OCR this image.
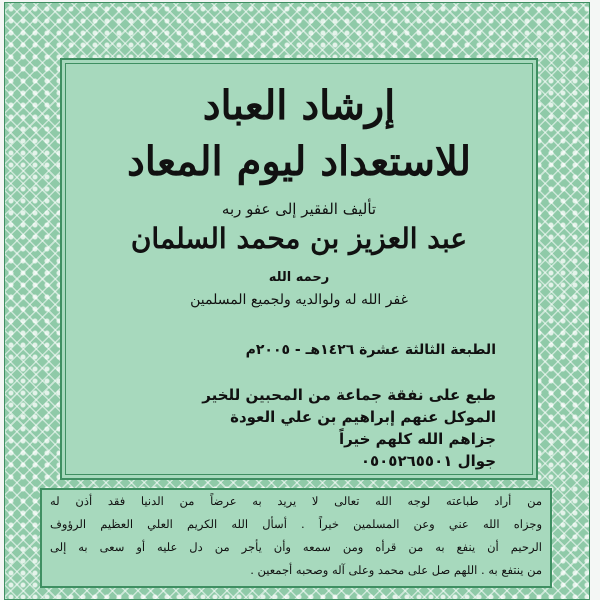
إرشاد العباد
للاستعداد ليوم المعاد
تأليف الفقير إلى عفو ربه
عبد العزيز بن محمد السلمان
رحمه الله
غفر الله له ولوالديه ولجميع المسلمين
الطبعة الثالثة عشرة ١٤٢٦هـ - ٢٠٠٥م
طبع على نفقة جماعة من المحبين للخير
الموكل عنهم إبراهيم بن علي العودة
جزاهم الله كلهم خيراً
جوال ٠٥٠٥٢٦٥٥٠١
من أراد طباعته لوجه الله تعالى لا يريد به عرضاً من الدنيا فقد أذن له
وجزاه الله عني وعن المسلمين خيراً . أسأل الله الكريم العلي العظيم الرؤوف
الرحيم أن ينفع به من قرأه ومن سمعه وأن يأجر من دل عليه أو سعى به إلى
من ينتفع به . اللهم صل على محمد وعلى آله وصحبه أجمعين .
